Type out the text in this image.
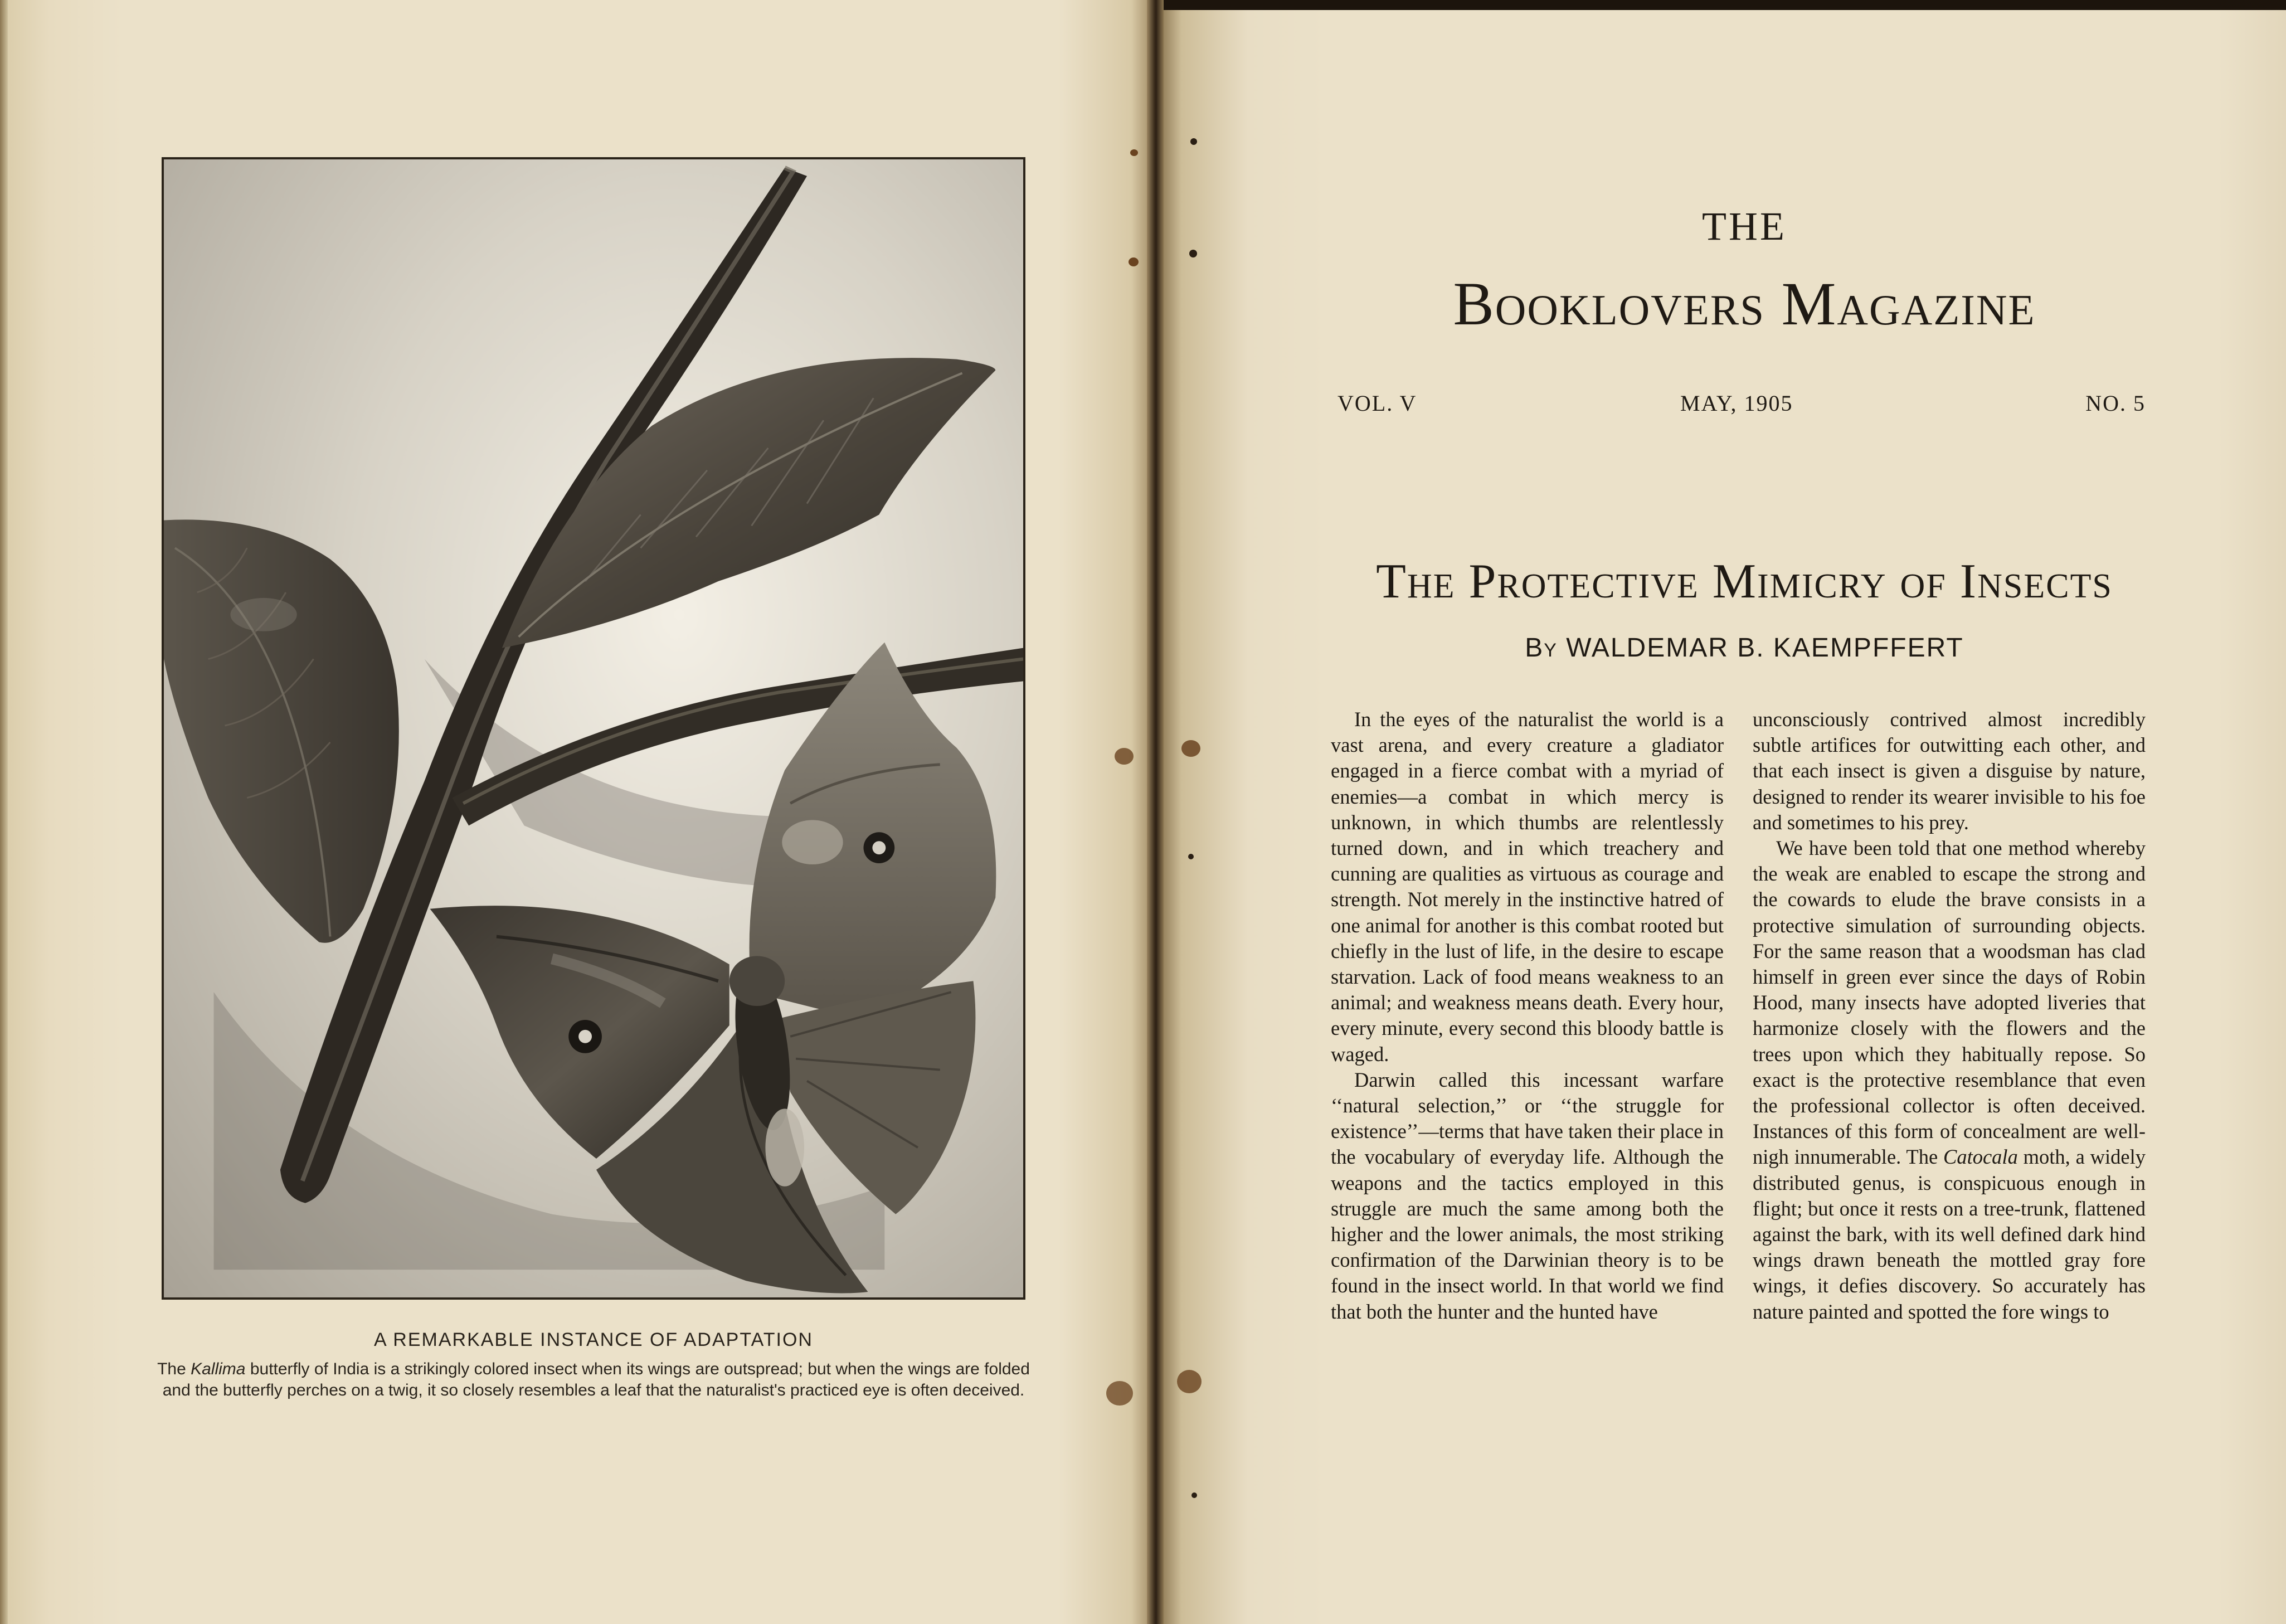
A REMARKABLE INSTANCE OF ADAPTATION
The Kallima butterfly of India is a strikingly colored insect when its wings are outspread; but when the wings are folded and the butterfly perches on a twig, it so closely resembles a leaf that the naturalist's practiced eye is often deceived.
THE
Booklovers Magazine
VOL. V	MAY, 1905	NO. 5
The Protective Mimicry of Insects
By WALDEMAR B. KAEMPFFERT

In the eyes of the naturalist the world is a vast arena, and every creature a gladiator engaged in a fierce combat with a myriad of enemies—a combat in which mercy is unknown, in which thumbs are relentlessly turned down, and in which treachery and cunning are qualities as virtuous as courage and strength. Not merely in the instinctive hatred of one animal for another is this combat rooted but chiefly in the lust of life, in the desire to escape starvation. Lack of food means weakness to an animal; and weakness means death. Every hour, every minute, every second this bloody battle is waged.

Darwin called this incessant warfare ‘‘natural selection,’’ or ‘‘the struggle for existence’’—terms that have taken their place in the vocabulary of everyday life. Although the weapons and the tactics employed in this struggle are much the same among both the higher and the lower animals, the most striking confirmation of the Darwinian theory is to be found in the insect world. In that world we find that both the hunter and the hunted have

unconsciously contrived almost incredibly subtle artifices for outwitting each other, and that each insect is given a disguise by nature, designed to render its wearer invisible to his foe and sometimes to his prey.

We have been told that one method whereby the weak are enabled to escape the strong and the cowards to elude the brave consists in a protective simulation of surrounding objects. For the same reason that a woodsman has clad himself in green ever since the days of Robin Hood, many insects have adopted liveries that harmonize closely with the flowers and the trees upon which they habitually repose. So exact is the protective resemblance that even the professional collector is often deceived. Instances of this form of concealment are well-nigh innumerable. The Catocala moth, a widely distributed genus, is conspicuous enough in flight; but once it rests on a tree-trunk, flattened against the bark, with its well defined dark hind wings drawn beneath the mottled gray fore wings, it defies discovery. So accurately has nature painted and spotted the fore wings to
